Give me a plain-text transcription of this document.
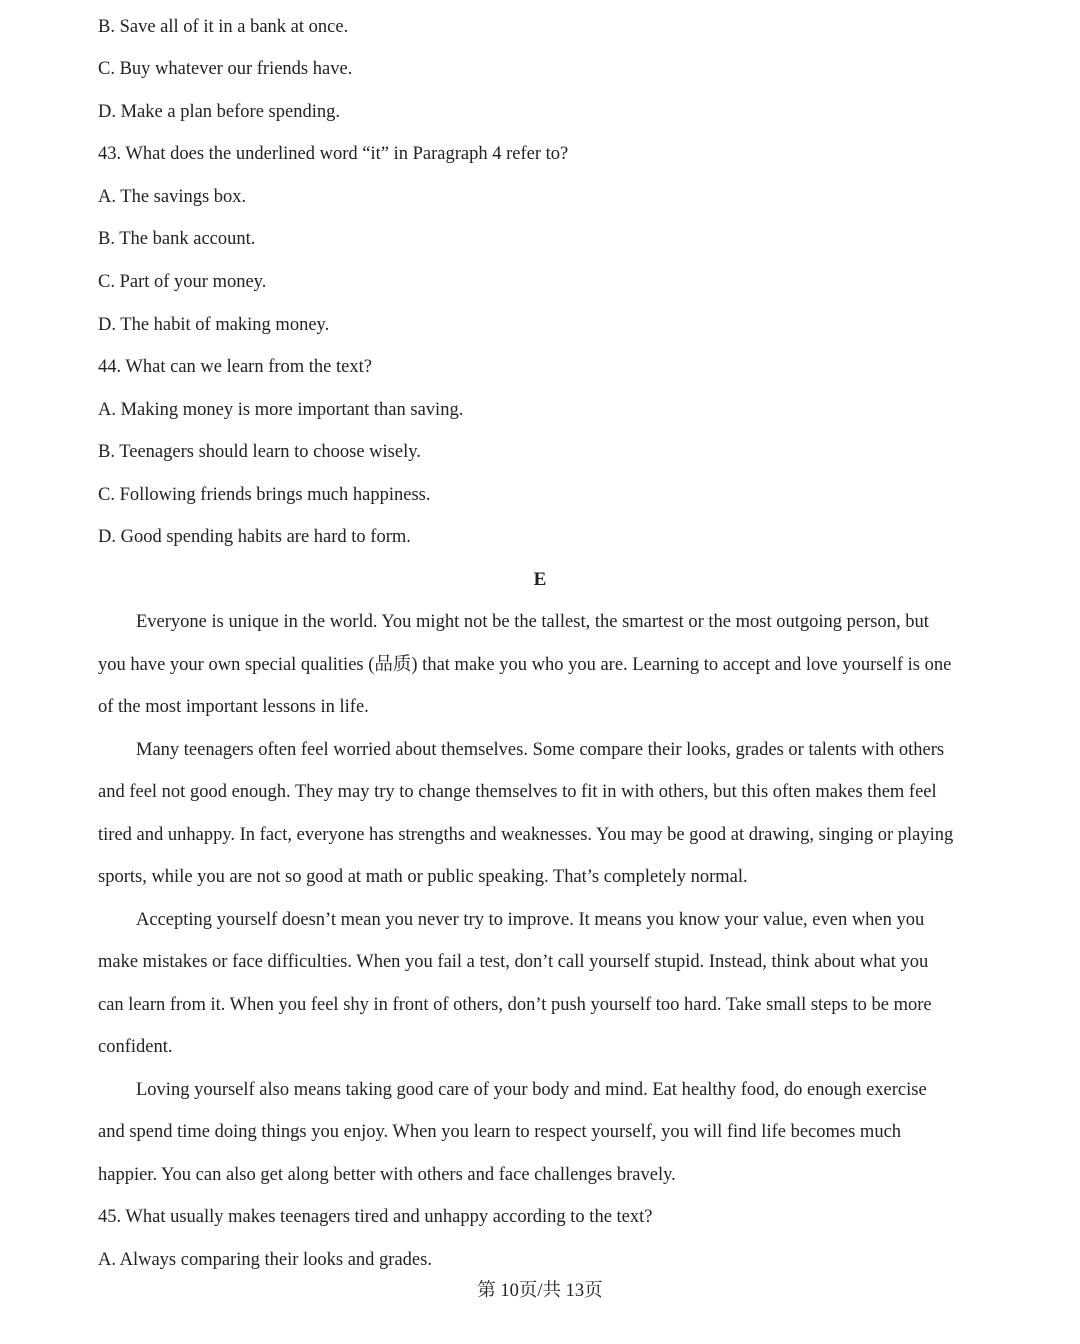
B. Save all of it in a bank at once.

C. Buy whatever our friends have.

D. Make a plan before spending.

43. What does the underlined word “it” in Paragraph 4 refer to?

A. The savings box.

B. The bank account.

C. Part of your money.

D. The habit of making money.

44. What can we learn from the text?

A. Making money is more important than saving.

B. Teenagers should learn to choose wisely.

C. Following friends brings much happiness.

D. Good spending habits are hard to form.

E

Everyone is unique in the world. You might not be the tallest, the smartest or the most outgoing person, but

you have your own special qualities (品质) that make you who you are. Learning to accept and love yourself is one

of the most important lessons in life.

Many teenagers often feel worried about themselves. Some compare their looks, grades or talents with others

and feel not good enough. They may try to change themselves to fit in with others, but this often makes them feel

tired and unhappy. In fact, everyone has strengths and weaknesses. You may be good at drawing, singing or playing

sports, while you are not so good at math or public speaking. That’s completely normal.

Accepting yourself doesn’t mean you never try to improve. It means you know your value, even when you

make mistakes or face difficulties. When you fail a test, don’t call yourself stupid. Instead, think about what you

can learn from it. When you feel shy in front of others, don’t push yourself too hard. Take small steps to be more

confident.

Loving yourself also means taking good care of your body and mind. Eat healthy food, do enough exercise

and spend time doing things you enjoy. When you learn to respect yourself, you will find life becomes much

happier. You can also get along better with others and face challenges bravely.

45. What usually makes teenagers tired and unhappy according to the text?

A. Always comparing their looks and grades.

第 10页/共 13页
